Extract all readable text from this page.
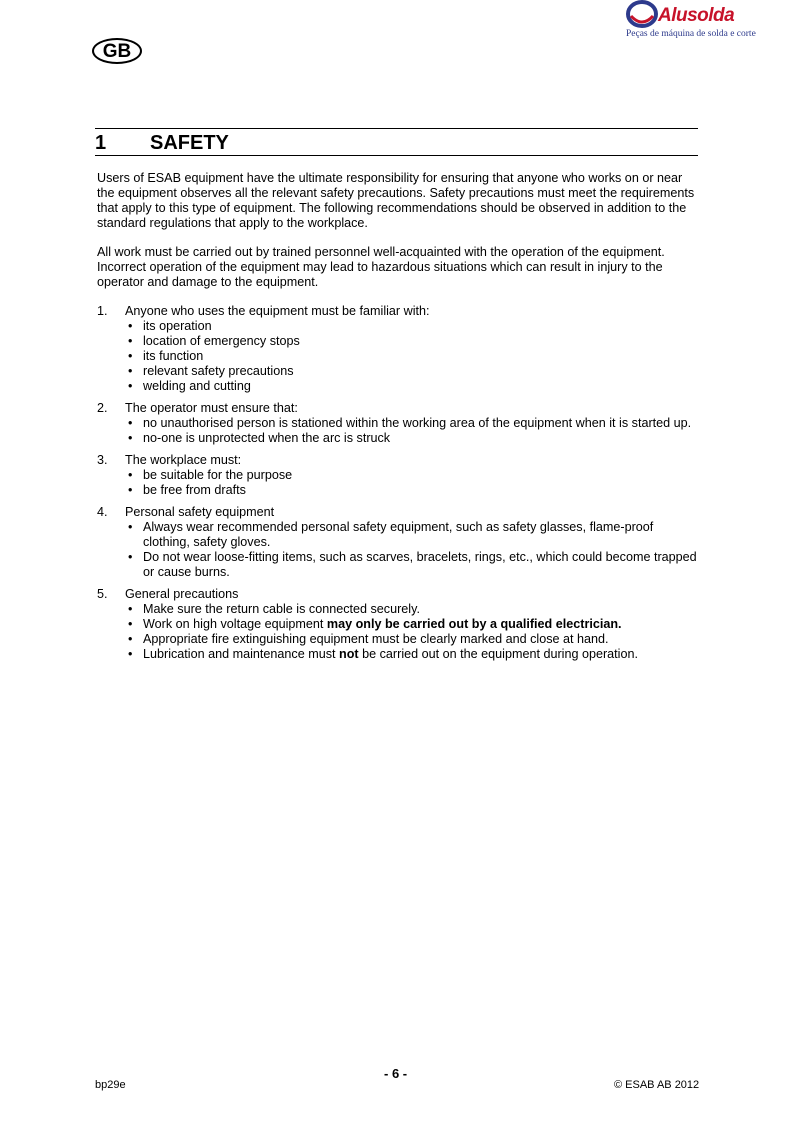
GB
Alusolda
Peças de máquina de solda e corte
1 SAFETY

Users of ESAB equipment have the ultimate responsibility for ensuring that anyone who works on or near the equipment observes all the relevant safety precautions. Safety precautions must meet the requirements that apply to this type of equipment. The following recommendations should be observed in addition to the standard regulations that apply to the workplace.

All work must be carried out by trained personnel well-acquainted with the operation of the equipment. Incorrect operation of the equipment may lead to hazardous situations which can result in injury to the operator and damage to the equipment.

1. Anyone who uses the equipment must be familiar with:
• its operation
• location of emergency stops
• its function
• relevant safety precautions
• welding and cutting
2. The operator must ensure that:
• no unauthorised person is stationed within the working area of the equipment when it is started up.
• no-one is unprotected when the arc is struck
3. The workplace must:
• be suitable for the purpose
• be free from drafts
4. Personal safety equipment
• Always wear recommended personal safety equipment, such as safety glasses, flame-proof clothing, safety gloves.
• Do not wear loose-fitting items, such as scarves, bracelets, rings, etc., which could become trapped or cause burns.
5. General precautions
• Make sure the return cable is connected securely.
• Work on high voltage equipment may only be carried out by a qualified electrician.
• Appropriate fire extinguishing equipment must be clearly marked and close at hand.
• Lubrication and maintenance must not be carried out on the equipment during operation.
- 6 -
bp29e	© ESAB AB 2012
